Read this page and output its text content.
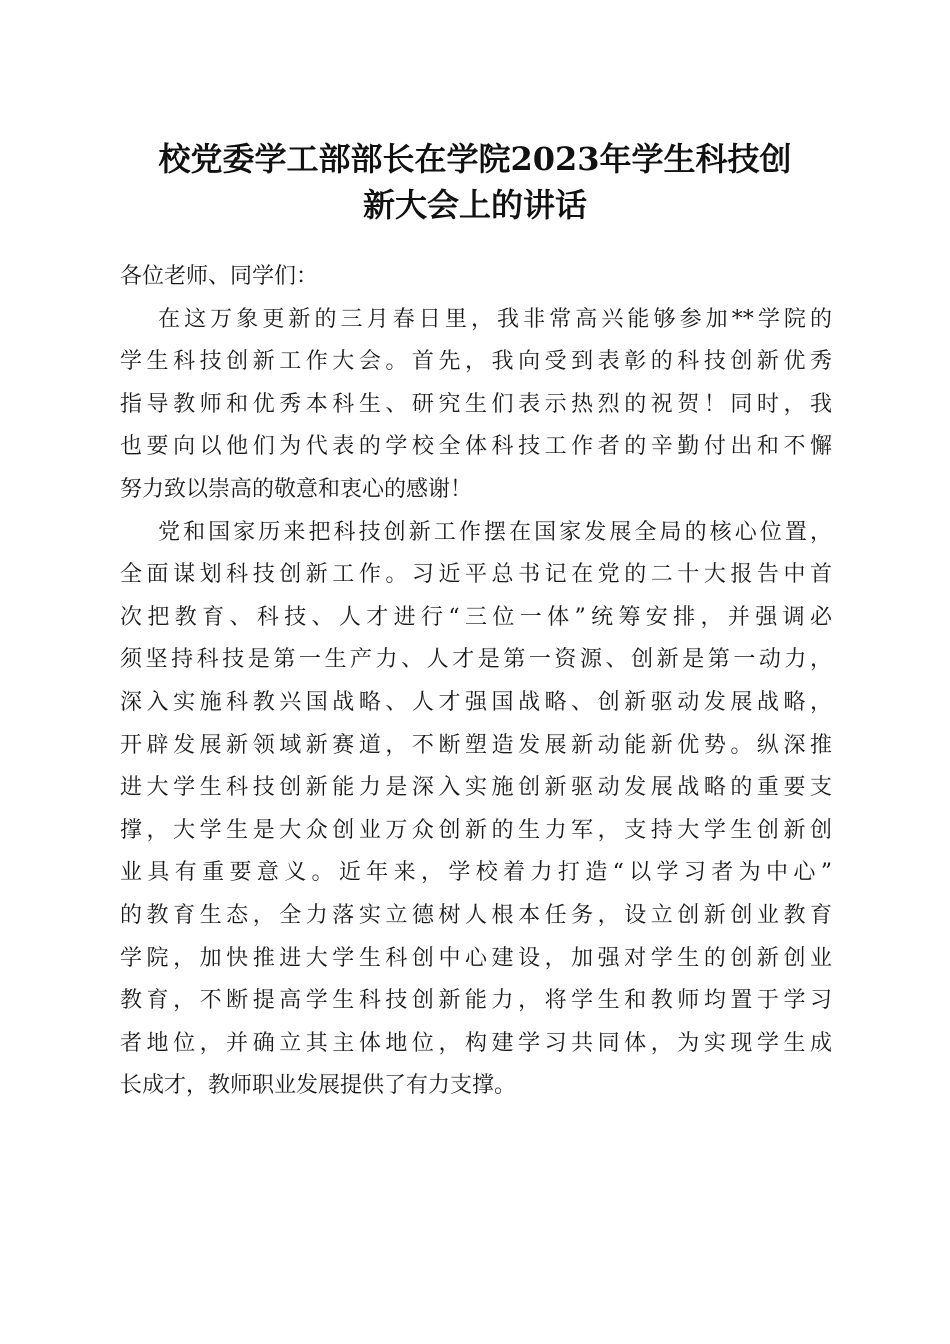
校党委学工部部长在学院2023年学生科技创
新大会上的讲话
各位老师、同学们：
在这万象更新的三月春日里，我非常高兴能够参加**学院的
学生科技创新工作大会。首先，我向受到表彰的科技创新优秀
指导教师和优秀本科生、研究生们表示热烈的祝贺！同时，我
也要向以他们为代表的学校全体科技工作者的辛勤付出和不懈
努力致以崇高的敬意和衷心的感谢！
党和国家历来把科技创新工作摆在国家发展全局的核心位置，
全面谋划科技创新工作。习近平总书记在党的二十大报告中首
次把教育、科技、人才进行“三位一体”统筹安排，并强调必
须坚持科技是第一生产力、人才是第一资源、创新是第一动力，
深入实施科教兴国战略、人才强国战略、创新驱动发展战略，
开辟发展新领域新赛道，不断塑造发展新动能新优势。纵深推
进大学生科技创新能力是深入实施创新驱动发展战略的重要支
撑，大学生是大众创业万众创新的生力军，支持大学生创新创
业具有重要意义。近年来，学校着力打造“以学习者为中心”
的教育生态，全力落实立德树人根本任务，设立创新创业教育
学院，加快推进大学生科创中心建设，加强对学生的创新创业
教育，不断提高学生科技创新能力，将学生和教师均置于学习
者地位，并确立其主体地位，构建学习共同体，为实现学生成
长成才，教师职业发展提供了有力支撑。
